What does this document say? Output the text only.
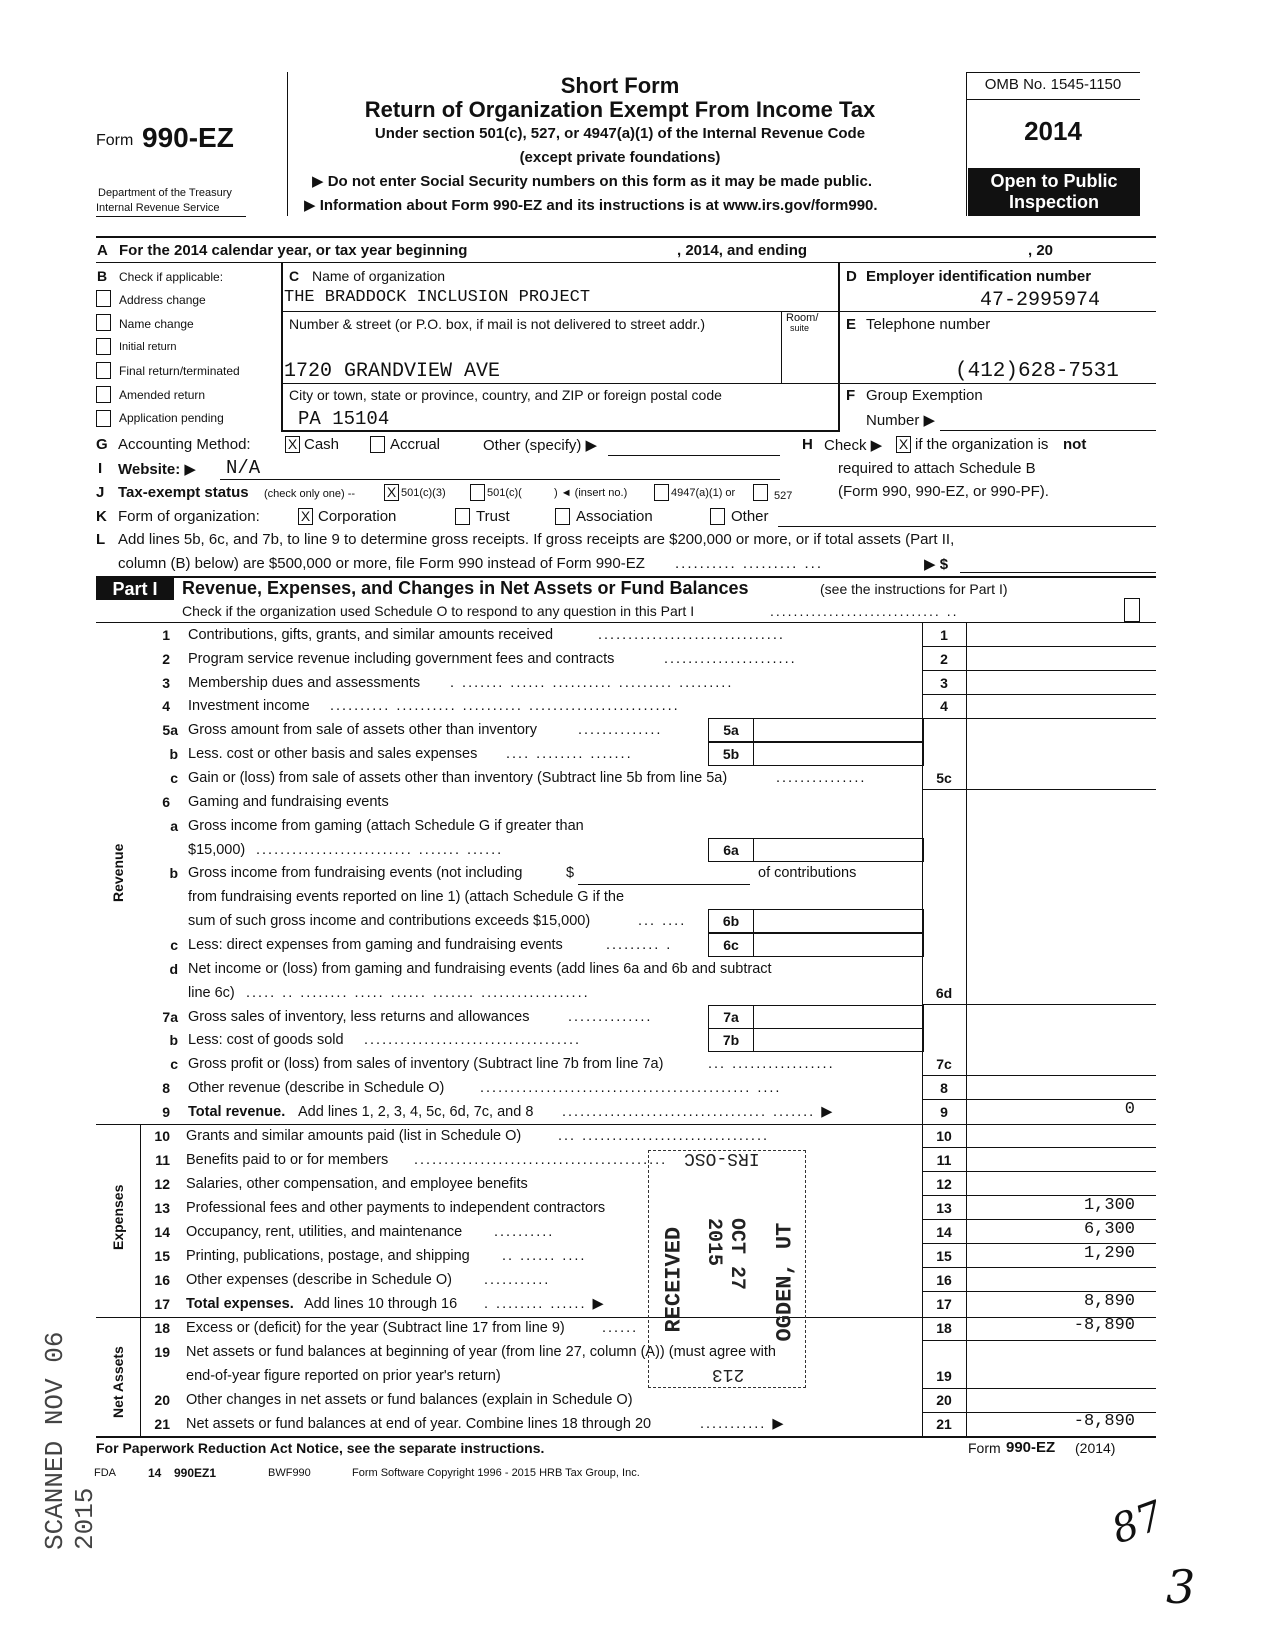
Form 990-EZ
Department of the Treasury
Internal Revenue Service
Short Form
Return of Organization Exempt From Income Tax
Under section 501(c), 527, or 4947(a)(1) of the Internal Revenue Code
(except private foundations)
▶ Do not enter Social Security numbers on this form as it may be made public.
▶ Information about Form 990-EZ and its instructions is at www.irs.gov/form990.
OMB No. 1545-1150
2014
Open to Public
Inspection
A For the 2014 calendar year, or tax year beginning	, 2014, and ending	, 20
B Check if applicable:
Address change
Name change
Initial return
Final return/terminated
Amended return
Application pending
C Name of organization
THE BRADDOCK INCLUSION PROJECT
Number & street (or P.O. box, if mail is not delivered to street addr.)	Room/
suite
1720 GRANDVIEW AVE
City or town, state or province, country, and ZIP or foreign postal code
PA 15104
D Employer identification number
47-2995974
E Telephone number
(412)628-7531
F Group Exemption
Number ▶
G Accounting Method:	X Cash	Accrual	Other (specify) ▶	H Check ▶ X if the organization is not
required to attach Schedule B
(Form 990, 990-EZ, or 990-PF).
I Website: ▶ N/A
J Tax-exempt status (check only one) -- X 501(c)(3)	501(c)(	) ◄ (insert no.)	4947(a)(1) or	527
K Form of organization:	X Corporation	Trust	Association	Other
L Add lines 5b, 6c, and 7b, to line 9 to determine gross receipts. If gross receipts are $200,000 or more, or if total assets (Part II,
column (B) below) are $500,000 or more, file Form 990 instead of Form 990-EZ .......... ......... ...	▶ $
Part I	Revenue, Expenses, and Changes in Net Assets or Fund Balances	(see the instructions for Part I)
Check if the organization used Schedule O to respond to any question in this Part I	............................. ..
Revenue
Expenses
Net Assets
1 Contributions, gifts, grants, and similar amounts received	...............................	1
2 Program service revenue including government fees and contracts	......................	2
3 Membership dues and assessments . ....... ...... .......... ......... .........	3
4 Investment income .......... .......... .......... .........................	4
5a Gross amount from sale of assets other than inventory	..............	5a
b Less. cost or other basis and sales expenses .... ........ .......	5b
c Gain or (loss) from sale of assets other than inventory (Subtract line 5b from line 5a)	...............	5c
6 Gaming and fundraising events
a Gross income from gaming (attach Schedule G if greater than
$15,000) .......................... ....... ......	6a
b Gross income from fundraising events (not including	$	of contributions
from fundraising events reported on line 1) (attach Schedule G if the
sum of such gross income and contributions exceeds $15,000)	... ....	6b
c Less: direct expenses from gaming and fundraising events	......... .	6c
d Net income or (loss) from gaming and fundraising events (add lines 6a and 6b and subtract
line 6c) ..... .. ........ ..... ...... ....... ..................	6d
7a Gross sales of inventory, less returns and allowances	..............	7a
b Less: cost of goods sold ....................................	7b
c Gross profit or (loss) from sales of inventory (Subtract line 7b from line 7a)	... .................	7c
8 Other revenue (describe in Schedule O) ............................................. ....	8
9 Total revenue. Add lines 1, 2, 3, 4, 5c, 6d, 7c, and 8 .................................. ....... ▶	9	0
10 Grants and similar amounts paid (list in Schedule O)	... ...............................	10
11 Benefits paid to or for members ..........................................	11
12 Salaries, other compensation, and employee benefits	12
13 Professional fees and other payments to independent contractors	13	1,300
14 Occupancy, rent, utilities, and maintenance ..........	14	6,300
15 Printing, publications, postage, and shipping .. ...... ....	15	1,290
16 Other expenses (describe in Schedule O) ...........	16
17 Total expenses. Add lines 10 through 16 . ........ ...... ▶	17	8,890
18 Excess or (deficit) for the year (Subtract line 17 from line 9)	......	18	-8,890
19 Net assets or fund balances at beginning of year (from line 27, column (A)) (must agree with
end-of-year figure reported on prior year's return)	19
20 Other changes in net assets or fund balances (explain in Schedule O)	20
21 Net assets or fund balances at end of year. Combine lines 18 through 20	........... ▶	21	-8,890
For Paperwork Reduction Act Notice, see the separate instructions.	Form 990-EZ (2014)
FDA	14 990EZ1	BWF990	Form Software Copyright 1996 - 2015 HRB Tax Group, Inc.
IRS-OSC
RECEIVED	OCT 27 2015	OGDEN, UT
213
SCANNED NOV 06 2015	87
3
